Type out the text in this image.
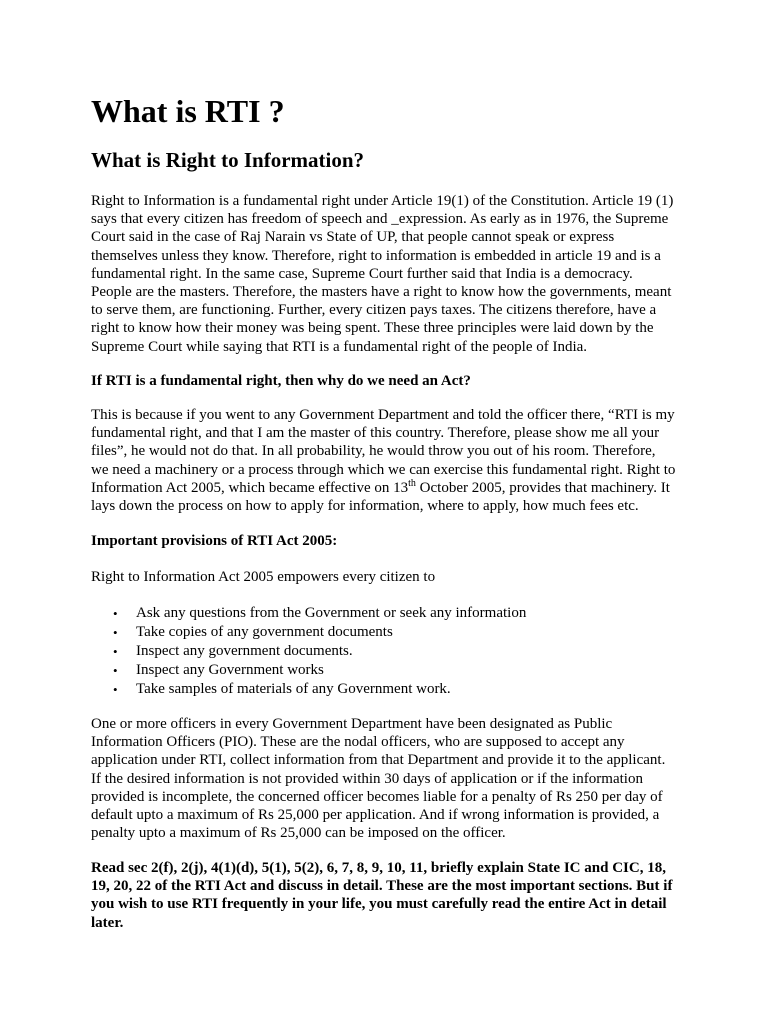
What is RTI ?
What is Right to Information?

Right to Information is a fundamental right under Article 19(1) of the Constitution. Article 19 (1)
says that every citizen has freedom of speech and _expression. As early as in 1976, the Supreme
Court said in the case of Raj Narain vs State of UP, that people cannot speak or express
themselves unless they know. Therefore, right to information is embedded in article 19 and is a
fundamental right. In the same case, Supreme Court further said that India is a democracy.
People are the masters. Therefore, the masters have a right to know how the governments, meant
to serve them, are functioning. Further, every citizen pays taxes. The citizens therefore, have a
right to know how their money was being spent. These three principles were laid down by the
Supreme Court while saying that RTI is a fundamental right of the people of India.

If RTI is a fundamental right, then why do we need an Act?

This is because if you went to any Government Department and told the officer there, “RTI is my
fundamental right, and that I am the master of this country. Therefore, please show me all your
files”, he would not do that. In all probability, he would throw you out of his room. Therefore,
we need a machinery or a process through which we can exercise this fundamental right. Right to
Information Act 2005, which became effective on 13th October 2005, provides that machinery. It
lays down the process on how to apply for information, where to apply, how much fees etc.

Important provisions of RTI Act 2005:

Right to Information Act 2005 empowers every citizen to

• Ask any questions from the Government or seek any information
• Take copies of any government documents
• Inspect any government documents.
• Inspect any Government works
• Take samples of materials of any Government work.

One or more officers in every Government Department have been designated as Public
Information Officers (PIO). These are the nodal officers, who are supposed to accept any
application under RTI, collect information from that Department and provide it to the applicant.
If the desired information is not provided within 30 days of application or if the information
provided is incomplete, the concerned officer becomes liable for a penalty of Rs 250 per day of
default upto a maximum of Rs 25,000 per application. And if wrong information is provided, a
penalty upto a maximum of Rs 25,000 can be imposed on the officer.

Read sec 2(f), 2(j), 4(1)(d), 5(1), 5(2), 6, 7, 8, 9, 10, 11, briefly explain State IC and CIC, 18,
19, 20, 22 of the RTI Act and discuss in detail. These are the most important sections. But if
you wish to use RTI frequently in your life, you must carefully read the entire Act in detail
later.
